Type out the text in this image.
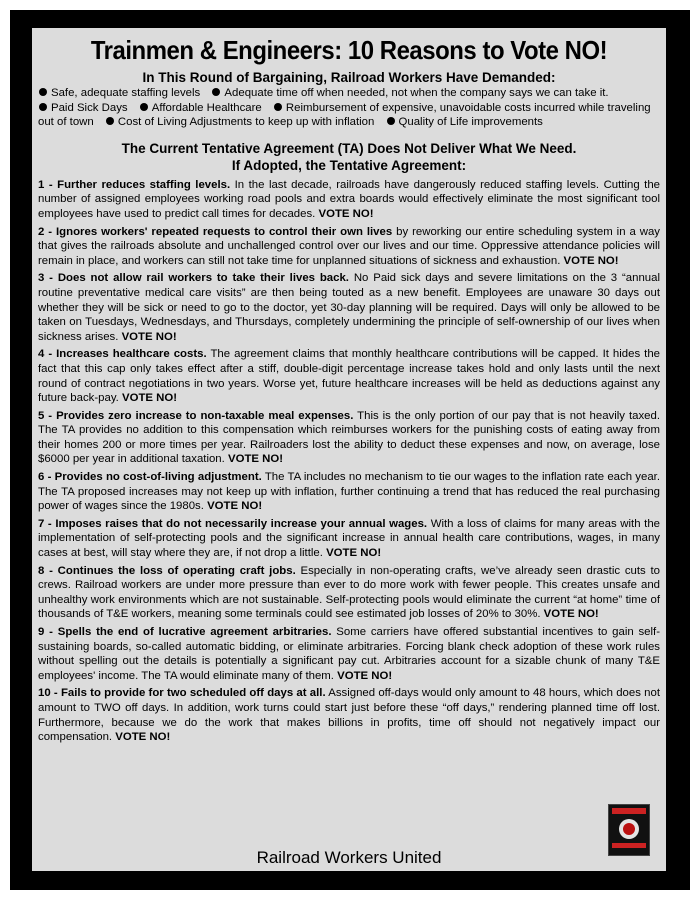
Trainmen & Engineers: 10 Reasons to Vote NO!
In This Round of Bargaining, Railroad Workers Have Demanded:

Safe, adequate staffing levels Adequate time off when needed, not when the company says we can take it.
Paid Sick Days Affordable Healthcare Reimbursement of expensive, unavoidable costs incurred while traveling out of town Cost of Living Adjustments to keep up with inflation Quality of Life improvements

The Current Tentative Agreement (TA) Does Not Deliver What We Need.
If Adopted, the Tentative Agreement:

1 - Further reduces staffing levels. In the last decade, railroads have dangerously reduced staffing levels. Cutting the number of assigned employees working road pools and extra boards would effectively eliminate the most significant tool employees have used to predict call times for decades. VOTE NO!

2 - Ignores workers' repeated requests to control their own lives by reworking our entire scheduling system in a way that gives the railroads absolute and unchallenged control over our lives and our time. Oppressive attendance policies will remain in place, and workers can still not take time for unplanned situations of sickness and exhaustion. VOTE NO!

3 - Does not allow rail workers to take their lives back. No Paid sick days and severe limitations on the 3 “annual routine preventative medical care visits” are then being touted as a new benefit. Employees are unaware 30 days out whether they will be sick or need to go to the doctor, yet 30-day planning will be required. Days will only be allowed to be taken on Tuesdays, Wednesdays, and Thursdays, completely undermining the principle of self-ownership of our lives when sickness arises. VOTE NO!

4 - Increases healthcare costs. The agreement claims that monthly healthcare contributions will be capped. It hides the fact that this cap only takes effect after a stiff, double-digit percentage increase takes hold and only lasts until the next round of contract negotiations in two years. Worse yet, future healthcare increases will be held as deductions against any future back-pay. VOTE NO!

5 - Provides zero increase to non-taxable meal expenses. This is the only portion of our pay that is not heavily taxed. The TA provides no addition to this compensation which reimburses workers for the punishing costs of eating away from their homes 200 or more times per year. Railroaders lost the ability to deduct these expenses and now, on average, lose $6000 per year in additional taxation. VOTE NO!

6 - Provides no cost-of-living adjustment. The TA includes no mechanism to tie our wages to the inflation rate each year. The TA proposed increases may not keep up with inflation, further continuing a trend that has reduced the real purchasing power of wages since the 1980s. VOTE NO!

7 - Imposes raises that do not necessarily increase your annual wages. With a loss of claims for many areas with the implementation of self-protecting pools and the significant increase in annual health care contributions, wages, in many cases at best, will stay where they are, if not drop a little. VOTE NO!

8 - Continues the loss of operating craft jobs. Especially in non-operating crafts, we’ve already seen drastic cuts to crews. Railroad workers are under more pressure than ever to do more work with fewer people. This creates unsafe and unhealthy work environments which are not sustainable. Self-protecting pools would eliminate the current “at home” time of thousands of T&E workers, meaning some terminals could see estimated job losses of 20% to 30%. VOTE NO!

9 - Spells the end of lucrative agreement arbitraries. Some carriers have offered substantial incentives to gain self-sustaining boards, so-called automatic bidding, or eliminate arbitraries. Forcing blank check adoption of these work rules without spelling out the details is potentially a significant pay cut. Arbitraries account for a sizable chunk of many T&E employees' income. The TA would eliminate many of them. VOTE NO!

10 - Fails to provide for two scheduled off days at all. Assigned off-days would only amount to 48 hours, which does not amount to TWO off days. In addition, work turns could start just before these “off days,” rendering planned time off lost. Furthermore, because we do the work that makes billions in profits, time off should not negatively impact our compensation. VOTE NO!

Railroad Workers United
